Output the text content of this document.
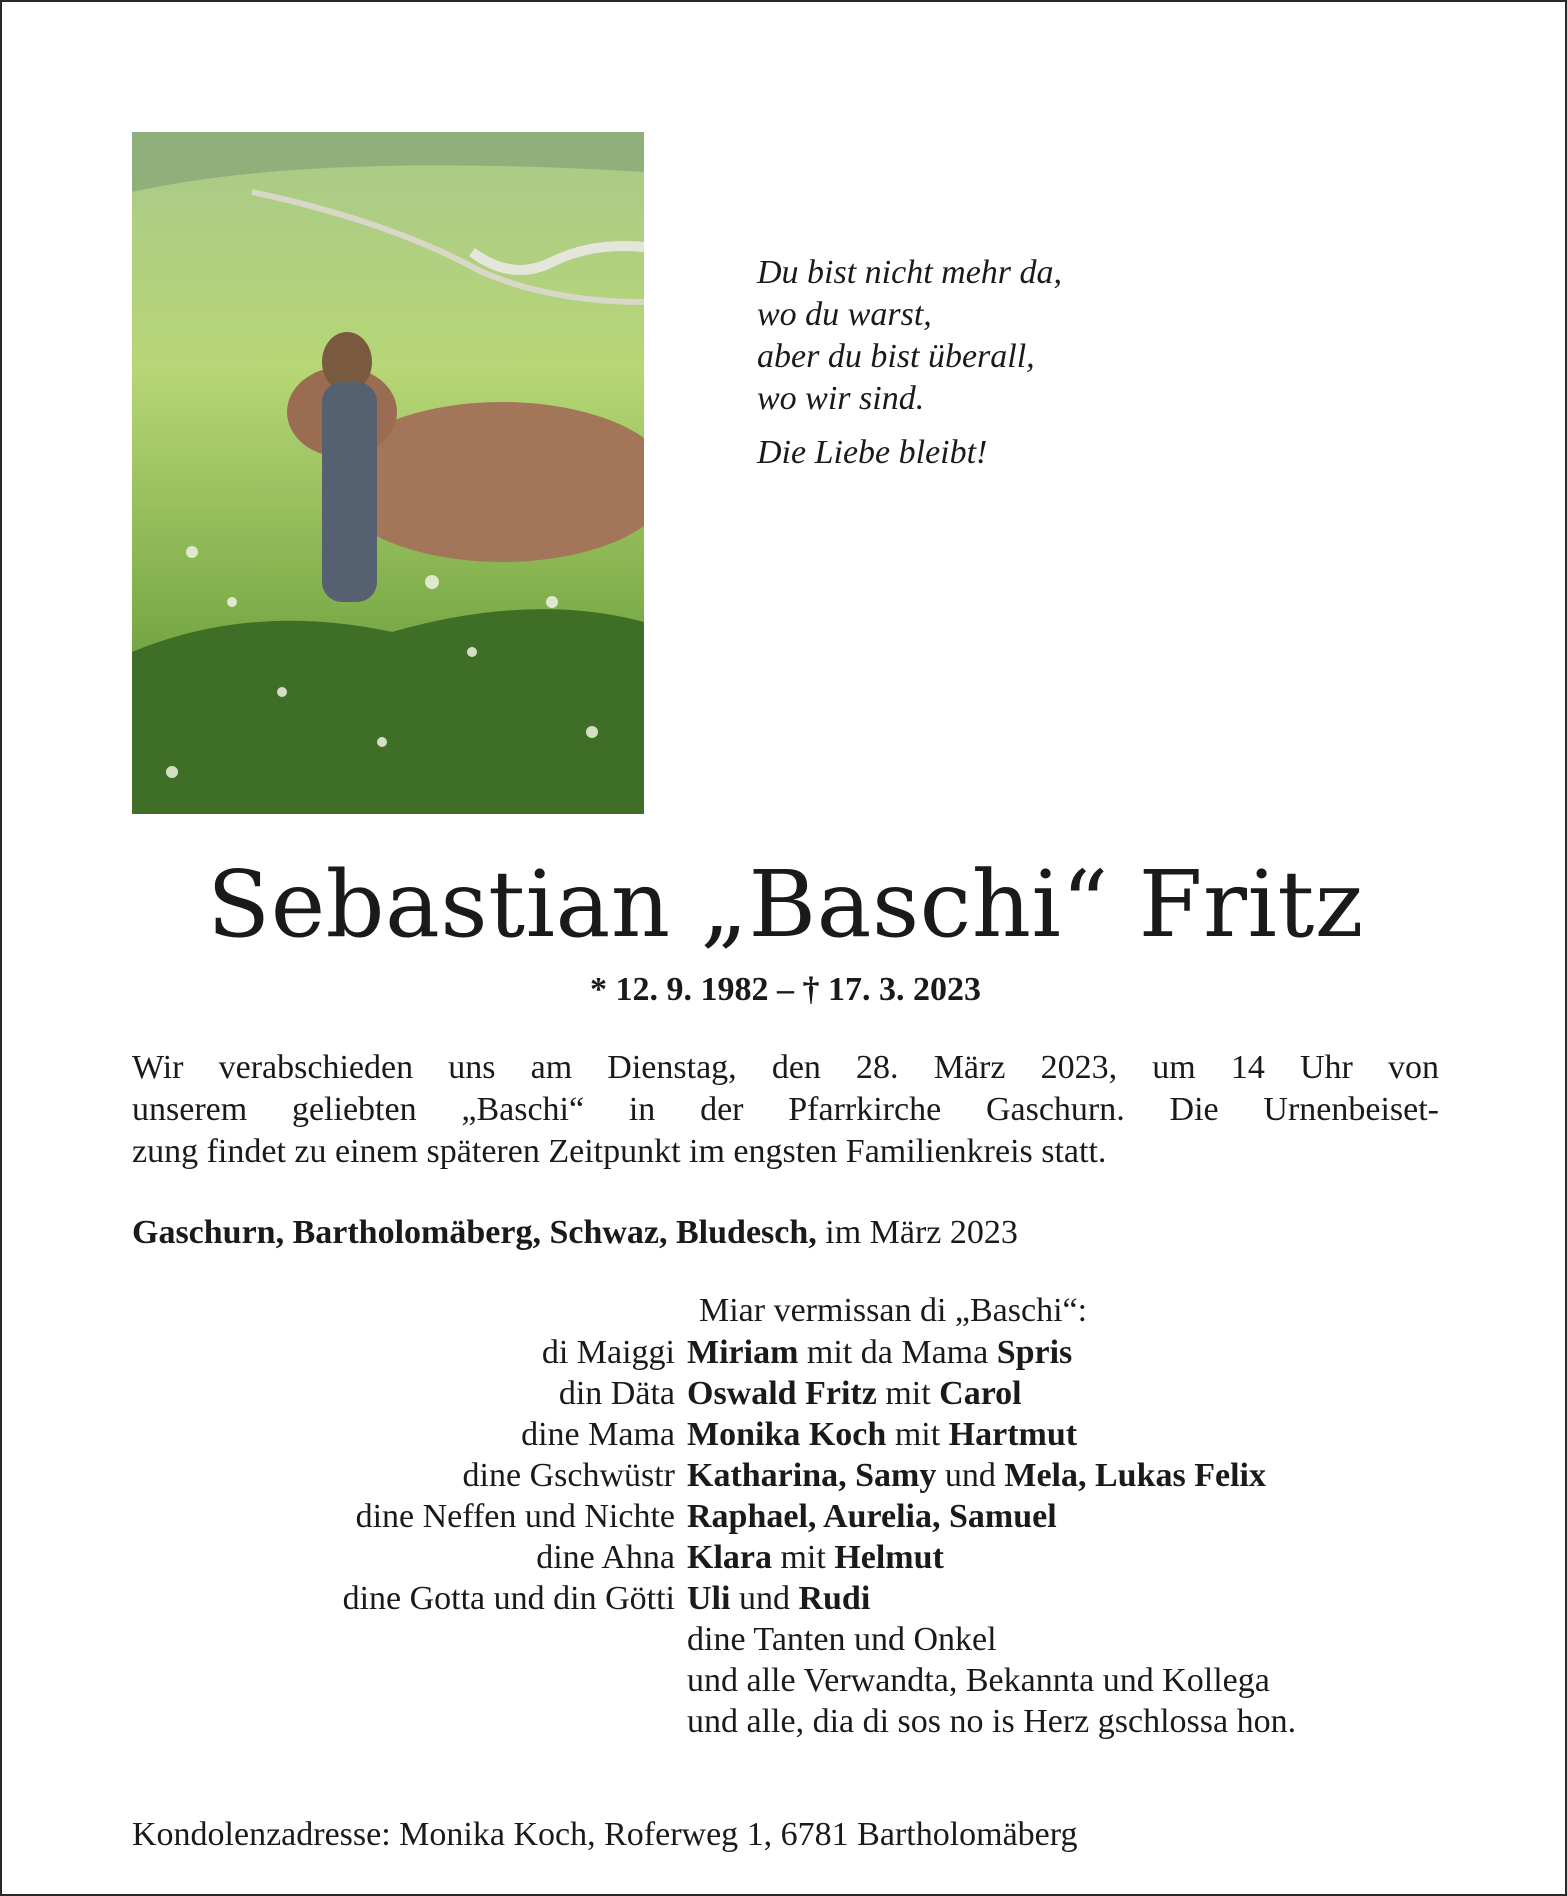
Du bist nicht mehr da,
wo du warst,
aber du bist überall,
wo wir sind.
Die Liebe bleibt!
Sebastian „Baschi“ Fritz
* 12. 9. 1982 – † 17. 3. 2023

Wir verabschieden uns am Dienstag, den 28. März 2023, um 14 Uhr von
unserem geliebten „Baschi“ in der Pfarrkirche Gaschurn. Die Urnenbeiset-
zung findet zu einem späteren Zeitpunkt im engsten Familienkreis statt.

Gaschurn, Bartholomäberg, Schwaz, Bludesch, im März 2023
Miar vermissan di „Baschi“:
di Maiggi Miriam mit da Mama Spris
din Däta Oswald Fritz mit Carol
dine Mama Monika Koch mit Hartmut
dine Gschwüstr Katharina, Samy und Mela, Lukas Felix
dine Neffen und Nichte Raphael, Aurelia, Samuel
dine Ahna Klara mit Helmut
dine Gotta und din Götti Uli und Rudi
dine Tanten und Onkel
und alle Verwandta, Bekannta und Kollega
und alle, dia di sos no is Herz gschlossa hon.
Kondolenzadresse: Monika Koch, Roferweg 1, 6781 Bartholomäberg
